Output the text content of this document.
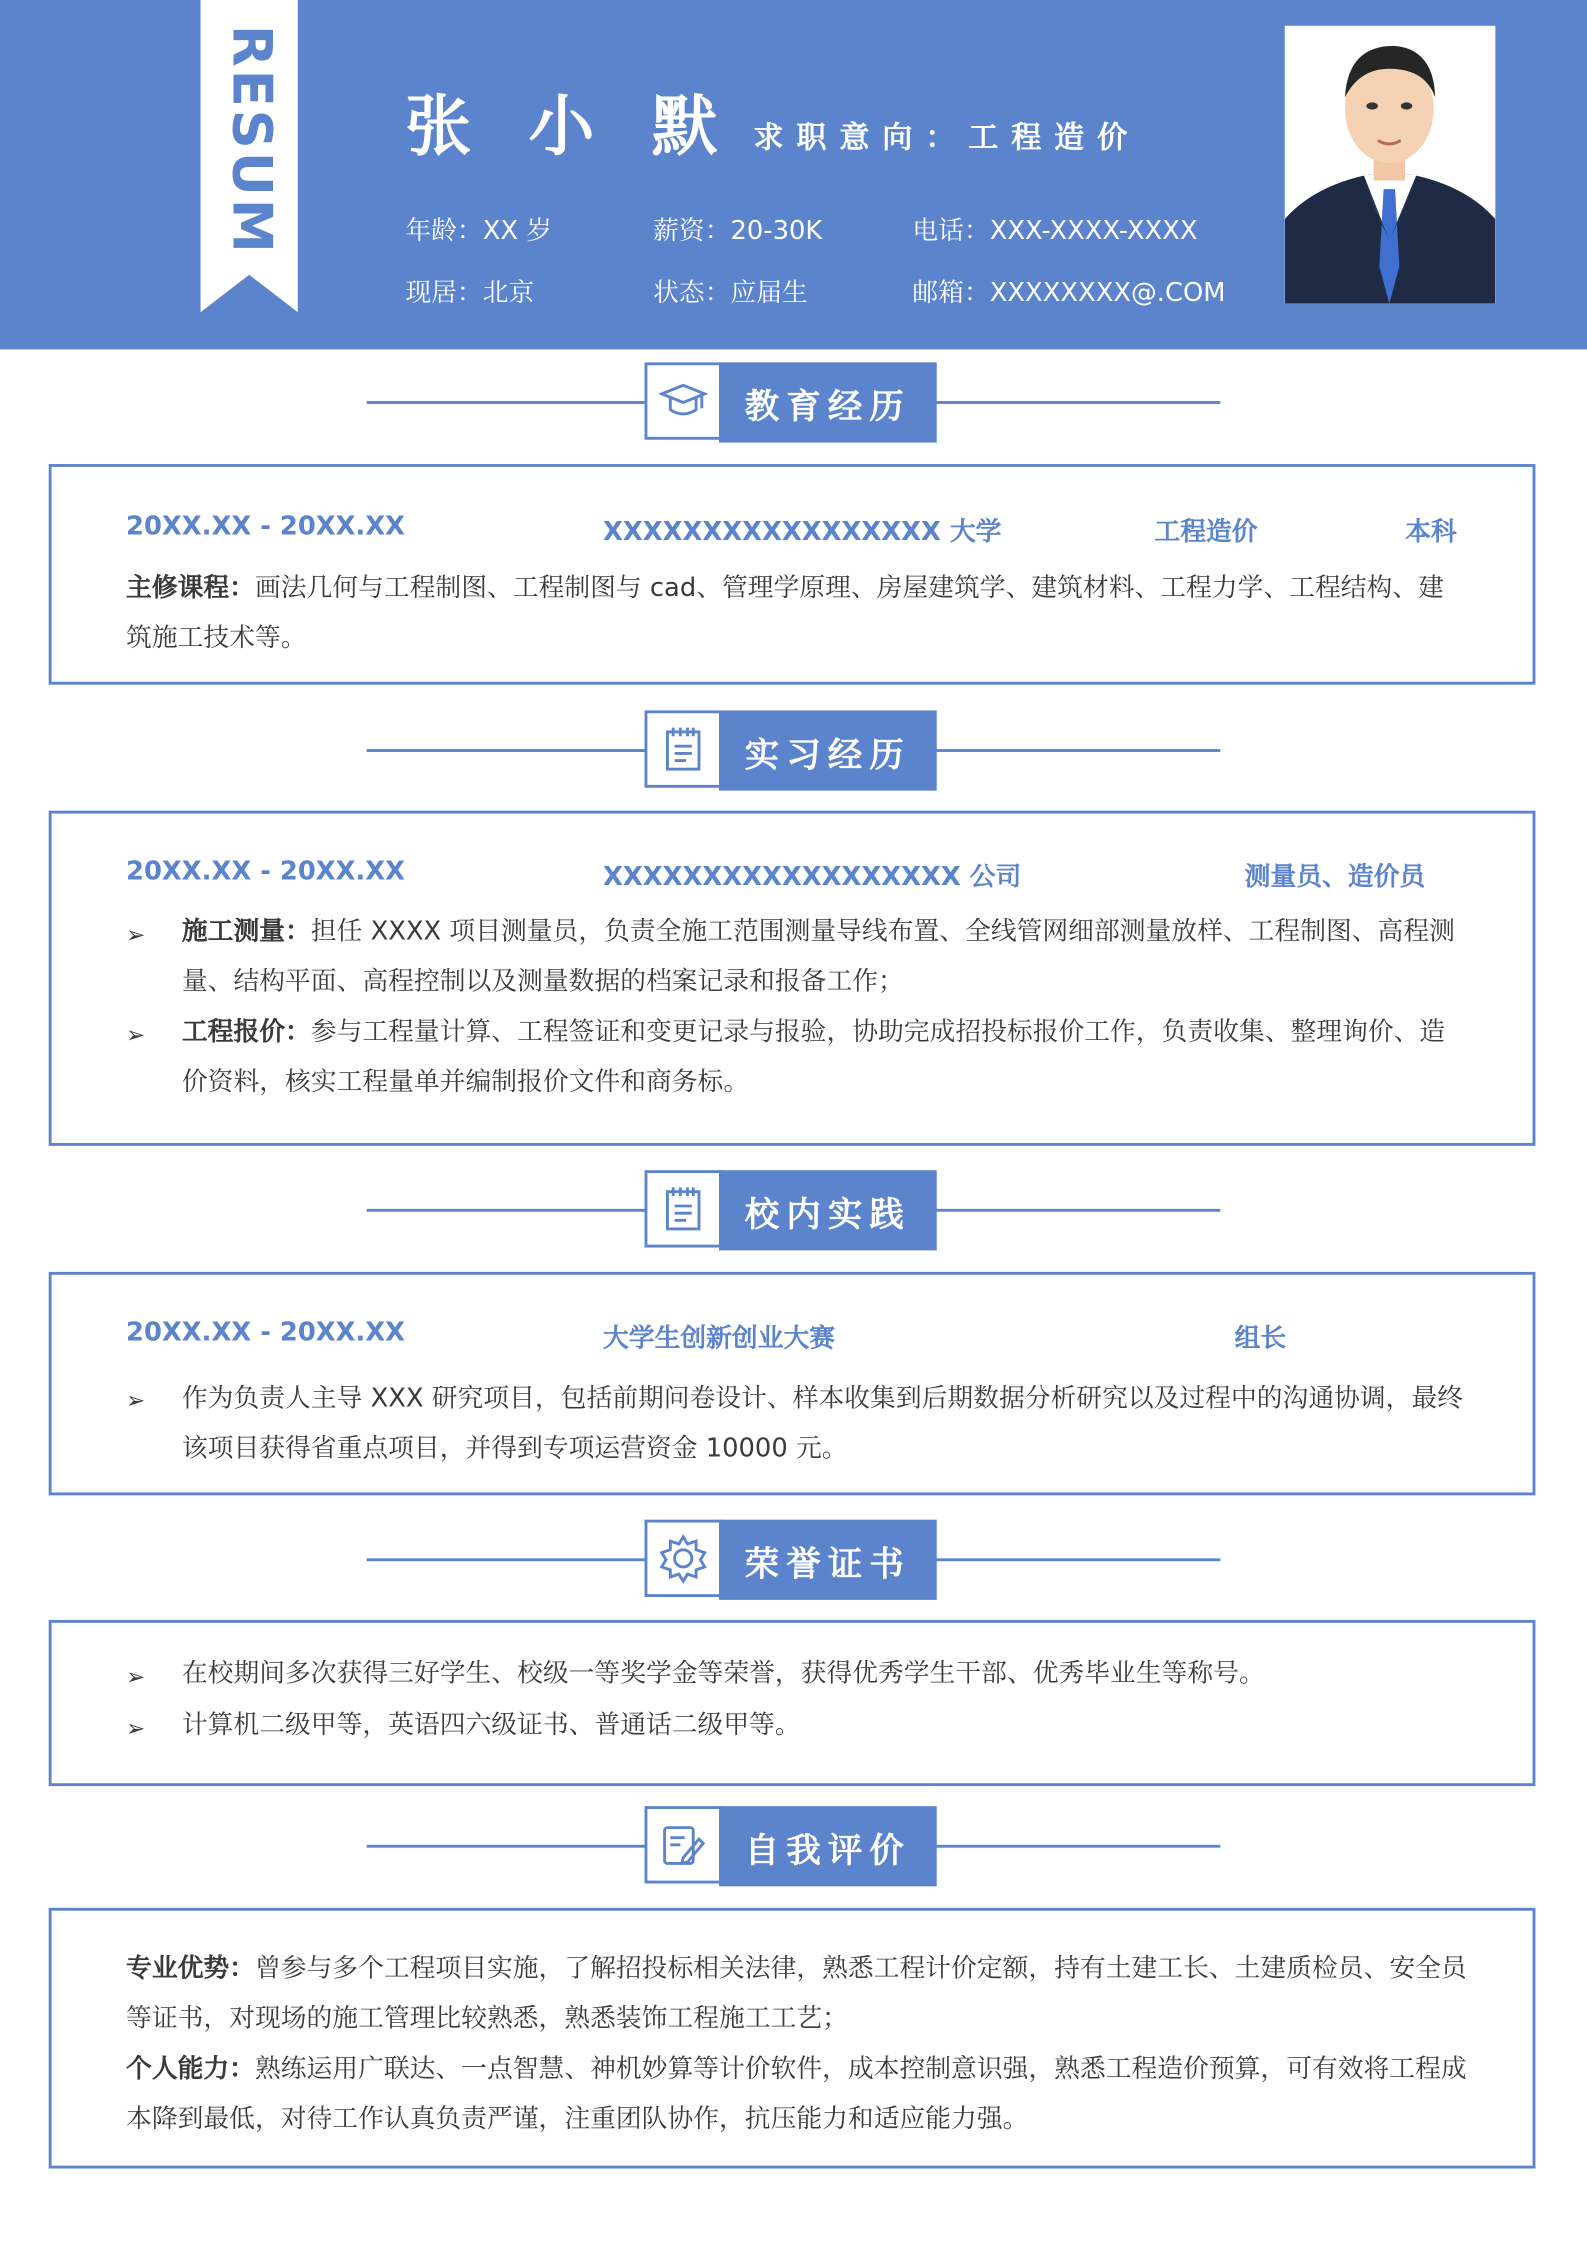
RESUM	张 小 默 求职意向：工程造价
年龄：XX 岁	薪资：20-30K	电话：XXX-XXXX-XXXX
现居：北京	状态：应届生	邮箱：XXXXXXXX@.COM
教育经历
20XX.XX - 20XX.XX	XXXXXXXXXXXXXXXXX 大学	工程造价	本科
主修课程：画法几何与工程制图、工程制图与 cad、管理学原理、房屋建筑学、建筑材料、工程力学、工程结构、建筑施工技术等。
实习经历
20XX.XX - 20XX.XX	XXXXXXXXXXXXXXXXXX 公司	测量员、造价员
➢ 施工测量：担任 XXXX 项目测量员，负责全施工范围测量导线布置、全线管网细部测量放样、工程制图、高程测量、结构平面、高程控制以及测量数据的档案记录和报备工作；
➢ 工程报价：参与工程量计算、工程签证和变更记录与报验，协助完成招投标报价工作，负责收集、整理询价、造价资料，核实工程量单并编制报价文件和商务标。
校内实践
20XX.XX - 20XX.XX	大学生创新创业大赛	组长
➢ 作为负责人主导 XXX 研究项目，包括前期问卷设计、样本收集到后期数据分析研究以及过程中的沟通协调，最终该项目获得省重点项目，并得到专项运营资金 10000 元。
荣誉证书
➢ 在校期间多次获得三好学生、校级一等奖学金等荣誉，获得优秀学生干部、优秀毕业生等称号。
➢ 计算机二级甲等，英语四六级证书、普通话二级甲等。
自我评价
专业优势：曾参与多个工程项目实施，了解招投标相关法律，熟悉工程计价定额，持有土建工长、土建质检员、安全员等证书，对现场的施工管理比较熟悉，熟悉装饰工程施工工艺；
个人能力：熟练运用广联达、一点智慧、神机妙算等计价软件，成本控制意识强，熟悉工程造价预算，可有效将工程成本降到最低，对待工作认真负责严谨，注重团队协作，抗压能力和适应能力强。
